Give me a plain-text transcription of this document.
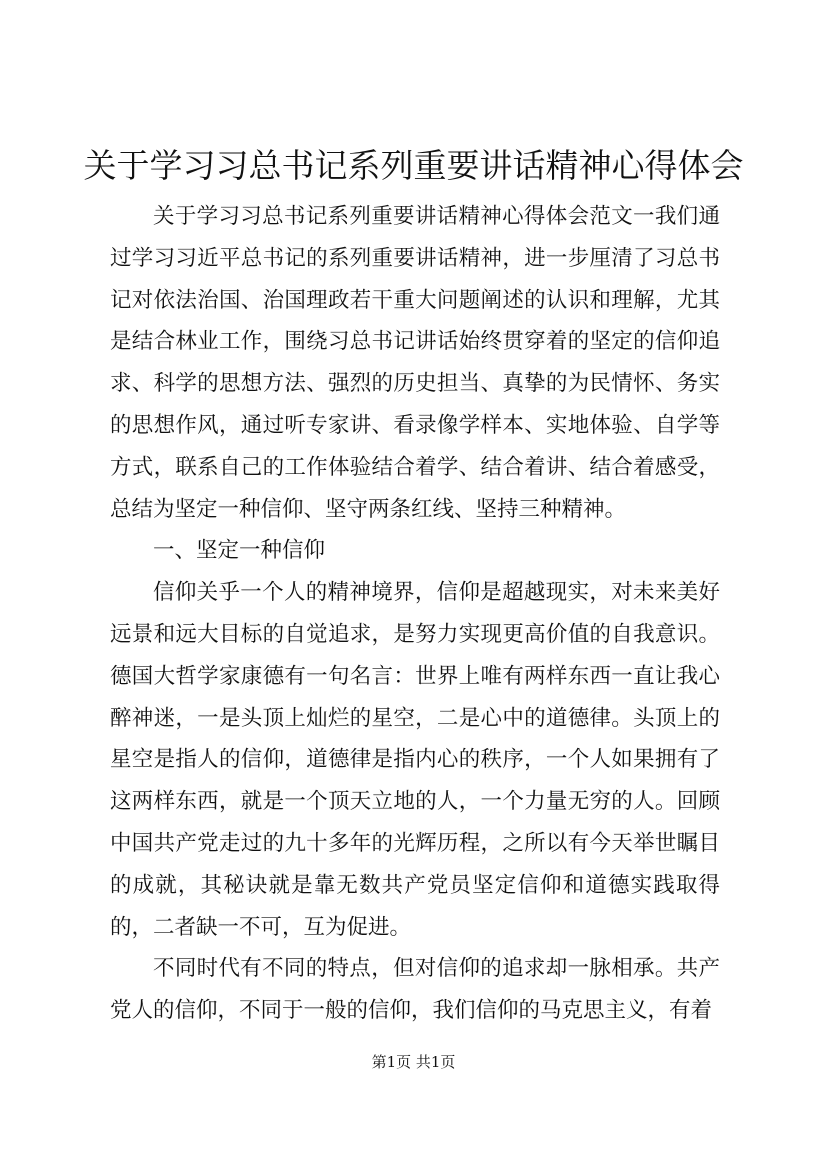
关于学习习总书记系列重要讲话精神心得体会

关于学习习总书记系列重要讲话精神心得体会范文一我们通过学习习近平总书记的系列重要讲话精神，进一步厘清了习总书记对依法治国、治国理政若干重大问题阐述的认识和理解，尤其是结合林业工作，围绕习总书记讲话始终贯穿着的坚定的信仰追求、科学的思想方法、强烈的历史担当、真挚的为民情怀、务实的思想作风，通过听专家讲、看录像学样本、实地体验、自学等方式，联系自己的工作体验结合着学、结合着讲、结合着感受，总结为坚定一种信仰、坚守两条红线、坚持三种精神。

一、坚定一种信仰

信仰关乎一个人的精神境界，信仰是超越现实，对未来美好远景和远大目标的自觉追求，是努力实现更高价值的自我意识。德国大哲学家康德有一句名言：世界上唯有两样东西一直让我心醉神迷，一是头顶上灿烂的星空，二是心中的道德律。头顶上的星空是指人的信仰，道德律是指内心的秩序，一个人如果拥有了这两样东西，就是一个顶天立地的人，一个力量无穷的人。回顾中国共产党走过的九十多年的光辉历程，之所以有今天举世瞩目的成就，其秘诀就是靠无数共产党员坚定信仰和道德实践取得的，二者缺一不可，互为促进。

不同时代有不同的特点，但对信仰的追求却一脉相承。共产党人的信仰，不同于一般的信仰，我们信仰的马克思主义，有着

第1页 共1页
